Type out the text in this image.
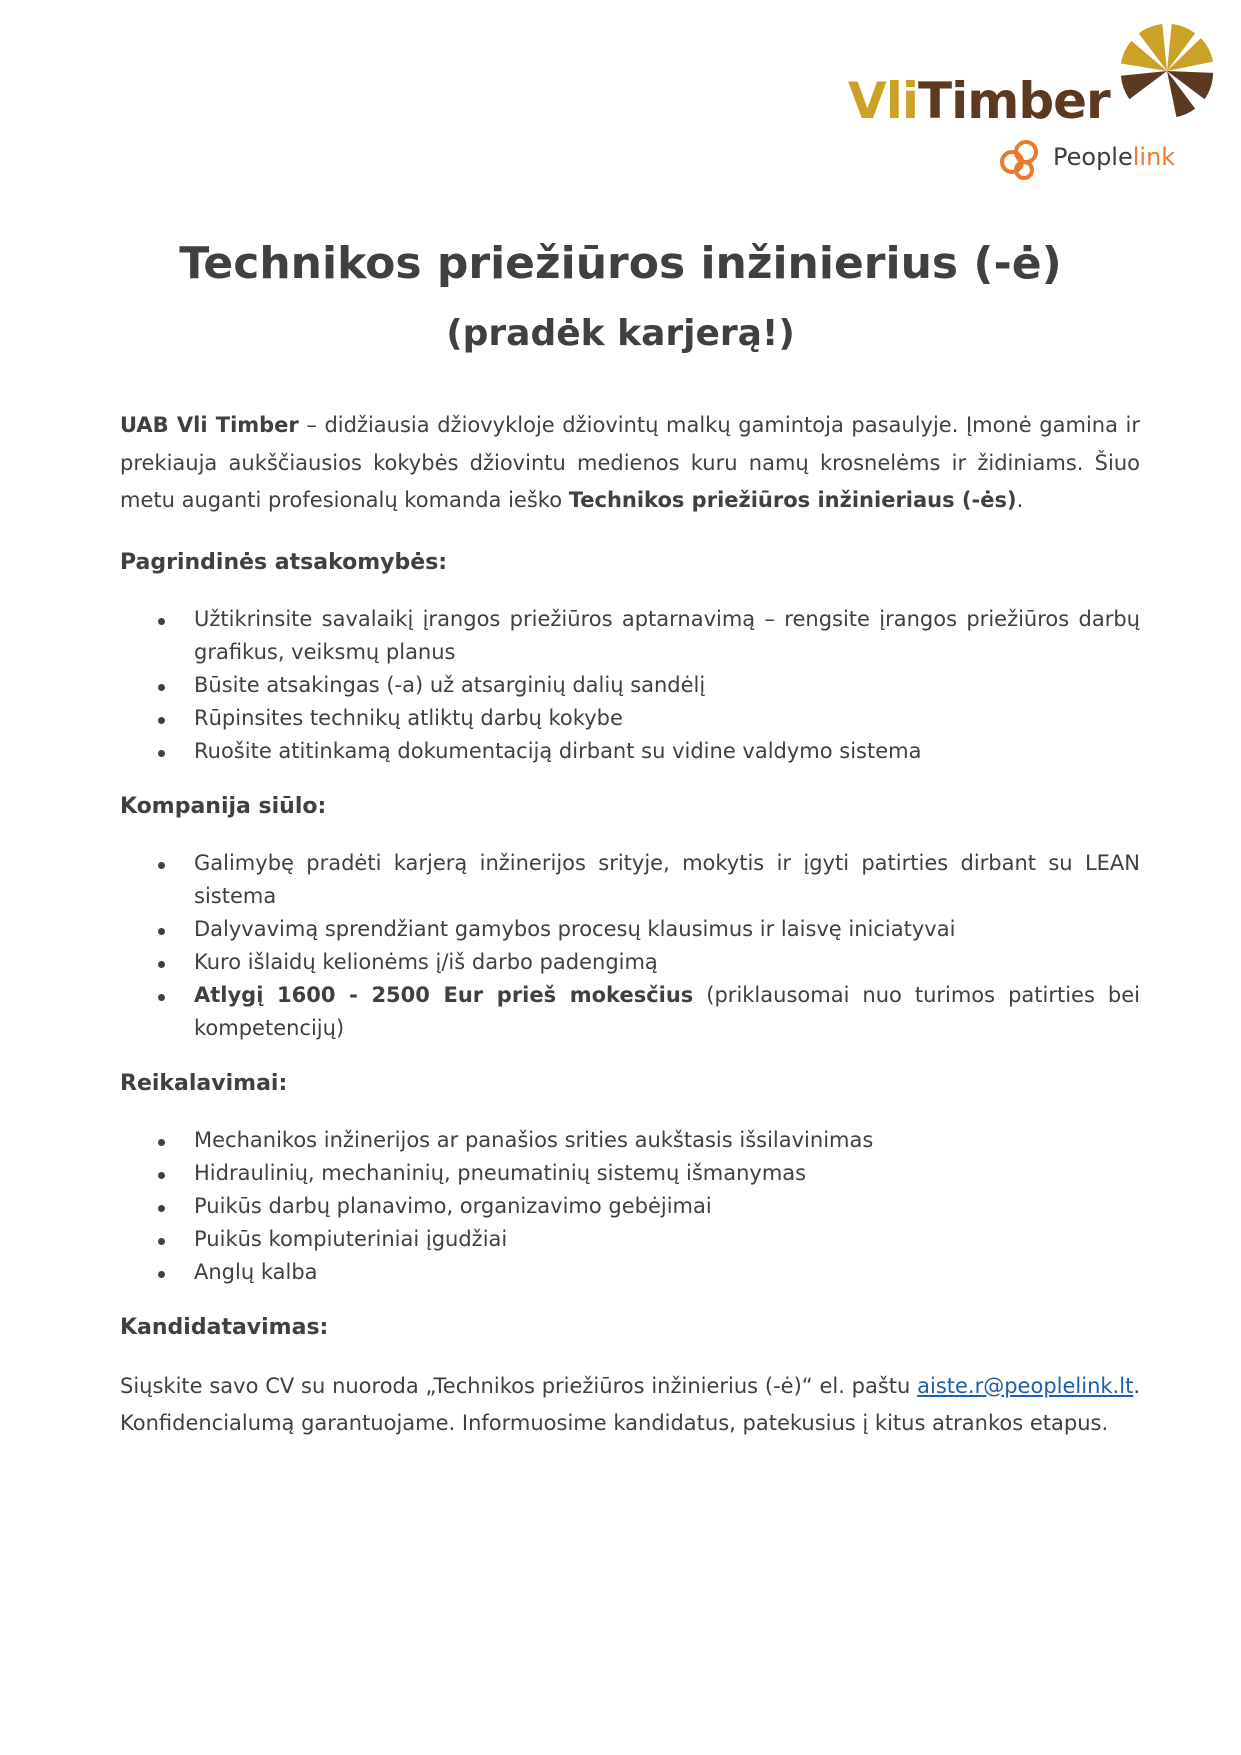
VliTimber
Peoplelink
Technikos priežiūros inžinierius (-ė)
(pradėk karjerą!)

UAB Vli Timber – didžiausia džiovykloje džiovintų malkų gamintoja pasaulyje. Įmonė gamina ir prekiauja aukščiausios kokybės džiovintu medienos kuru namų krosnelėms ir židiniams. Šiuo metu auganti profesionalų komanda ieško Technikos priežiūros inžinieriaus (-ės).

Pagrindinės atsakomybės:
Užtikrinsite savalaikį įrangos priežiūros aptarnavimą – rengsite įrangos priežiūros darbų grafikus, veiksmų planus
Būsite atsakingas (-a) už atsarginių dalių sandėlį
Rūpinsites technikų atliktų darbų kokybe
Ruošite atitinkamą dokumentaciją dirbant su vidine valdymo sistema
Kompanija siūlo:
Galimybę pradėti karjerą inžinerijos srityje, mokytis ir įgyti patirties dirbant su LEAN sistema
Dalyvavimą sprendžiant gamybos procesų klausimus ir laisvę iniciatyvai
Kuro išlaidų kelionėms į/iš darbo padengimą
Atlygį 1600 - 2500 Eur prieš mokesčius (priklausomai nuo turimos patirties bei kompetencijų)
Reikalavimai:
Mechanikos inžinerijos ar panašios srities aukštasis išsilavinimas
Hidraulinių, mechaninių, pneumatinių sistemų išmanymas
Puikūs darbų planavimo, organizavimo gebėjimai
Puikūs kompiuteriniai įgudžiai
Anglų kalba
Kandidatavimas:

Siųskite savo CV su nuoroda „Technikos priežiūros inžinierius (-ė)“ el. paštu aiste.r@peoplelink.lt. Konfidencialumą garantuojame. Informuosime kandidatus, patekusius į kitus atrankos etapus.
